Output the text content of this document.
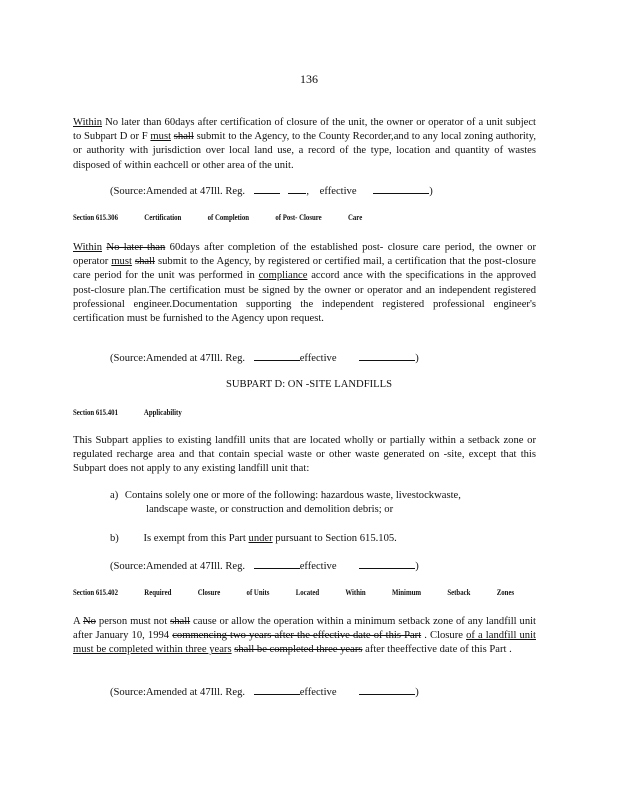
136

Within No later than 60days after certification of closure of the unit, the owner or operator of a unit subject to Subpart D or F must shall submit to the Agency, to the County Recorder,and to any local zoning authority, or authority with jurisdiction over local land use, a record of the type, location and quantity of wastes disposed of within eachcell or other area of the unit.

(Source:Amended at 47Ill. Reg.	, effective	)
Section 615.306	Certification	of Completion	of Post- Closure	Care

Within No later than 60days after completion of the established post- closure care period, the owner or operator must shall submit to the Agency, by registered or certified mail, a certification that the post-closure care period for the unit was performed in compliance accord ance with the specifications in the approved post-closure plan.The certification must be signed by the owner or operator and an independent registered professional engineer.Documentation supporting the independent registered professional engineer's certification must be furnished to the Agency upon request.

(Source:Amended at 47Ill. Reg.	effective	)
SUBPART D: ON -SITE LANDFILLS
Section 615.401	Applicability

This Subpart applies to existing landfill units that are located wholly or partially within a setback zone or regulated recharge area and that contain special waste or other waste generated on -site, except that this Subpart does not apply to any existing landfill unit that:

a) Contains solely one or more of the following: hazardous waste, livestockwaste,
landscape waste, or construction and demolition debris; or
b) Is exempt from this Part under pursuant to Section 615.105.
(Source:Amended at 47Ill. Reg.	effective	)
Section 615.402	Required	Closure	of Units	Located	Within	Minimum	Setback	Zones

A No person must not shall cause or allow the operation within a minimum setback zone of any landfill unit after January 10, 1994 commencing two years after the effective date of this Part . Closure of a landfill unit must be completed within three years shall be completed three years after theeffective date of this Part .

(Source:Amended at 47Ill. Reg.	effective	)
